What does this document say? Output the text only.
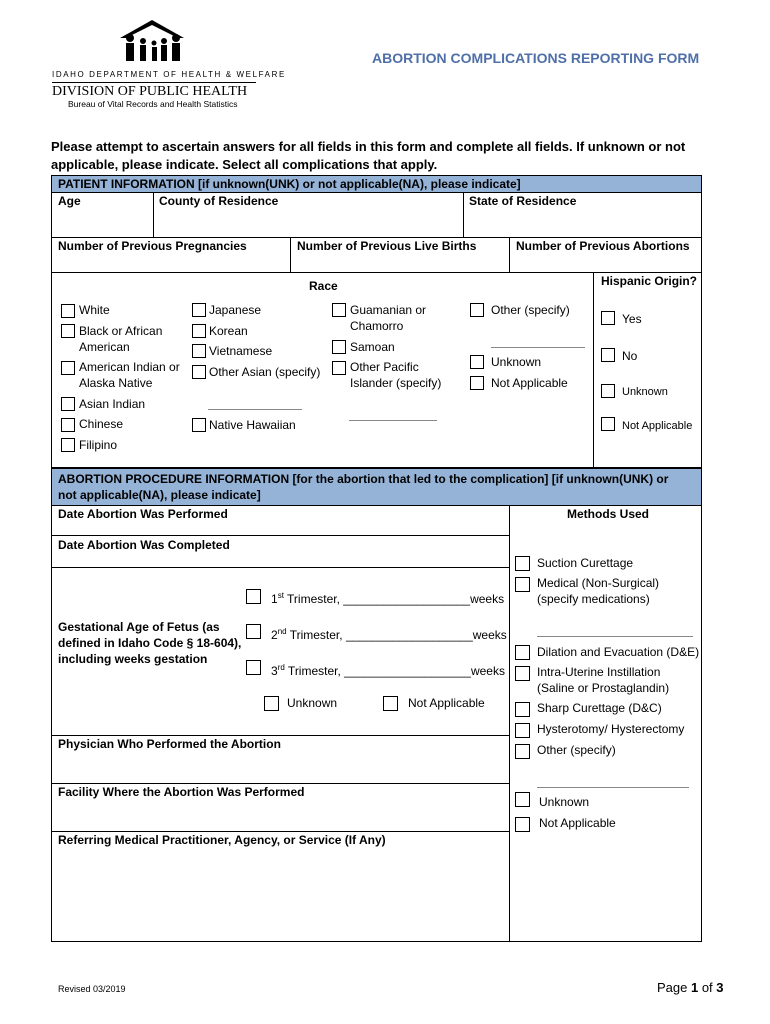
IDAHO DEPARTMENT OF HEALTH & WELFARE
DIVISION OF PUBLIC HEALTH
Bureau of Vital Records and Health Statistics
ABORTION COMPLICATIONS REPORTING FORM
Please attempt to ascertain answers for all fields in this form and complete all fields. If unknown or not
applicable, please indicate. Select all complications that apply.
PATIENT INFORMATION [if unknown(UNK) or not applicable(NA), please indicate]
Age	County of Residence	State of Residence
Number of Previous Pregnancies	Number of Previous Live Births	Number of Previous Abortions
Race	Hispanic Origin?
White
Black or African
American
American Indian or
Alaska Native
Asian Indian
Chinese
Filipino
Japanese
Korean
Vietnamese
Other Asian (specify)
Native Hawaiian
Guamanian or
Chamorro
Samoan
Other Pacific
Islander (specify)
Other (specify)
Unknown
Not Applicable
Yes
No
Unknown
Not Applicable
ABORTION PROCEDURE INFORMATION [for the abortion that led to the complication] [if unknown(UNK) or
not applicable(NA), please indicate]
Date Abortion Was Performed
Date Abortion Was Completed
Gestational Age of Fetus (as
defined in Idaho Code § 18-604),
including weeks gestation
1st Trimester, ___________________weeks
2nd Trimester, ___________________weeks
3rd Trimester, ___________________weeks
Unknown	Not Applicable
Physician Who Performed the Abortion
Facility Where the Abortion Was Performed
Referring Medical Practitioner, Agency, or Service (If Any)
Methods Used
Suction Curettage
Medical (Non-Surgical)
(specify medications)
Dilation and Evacuation (D&E)
Intra-Uterine Instillation
(Saline or Prostaglandin)
Sharp Curettage (D&C)
Hysterotomy/ Hysterectomy
Other (specify)
Unknown
Not Applicable
Revised 03/2019	Page 1 of 3
